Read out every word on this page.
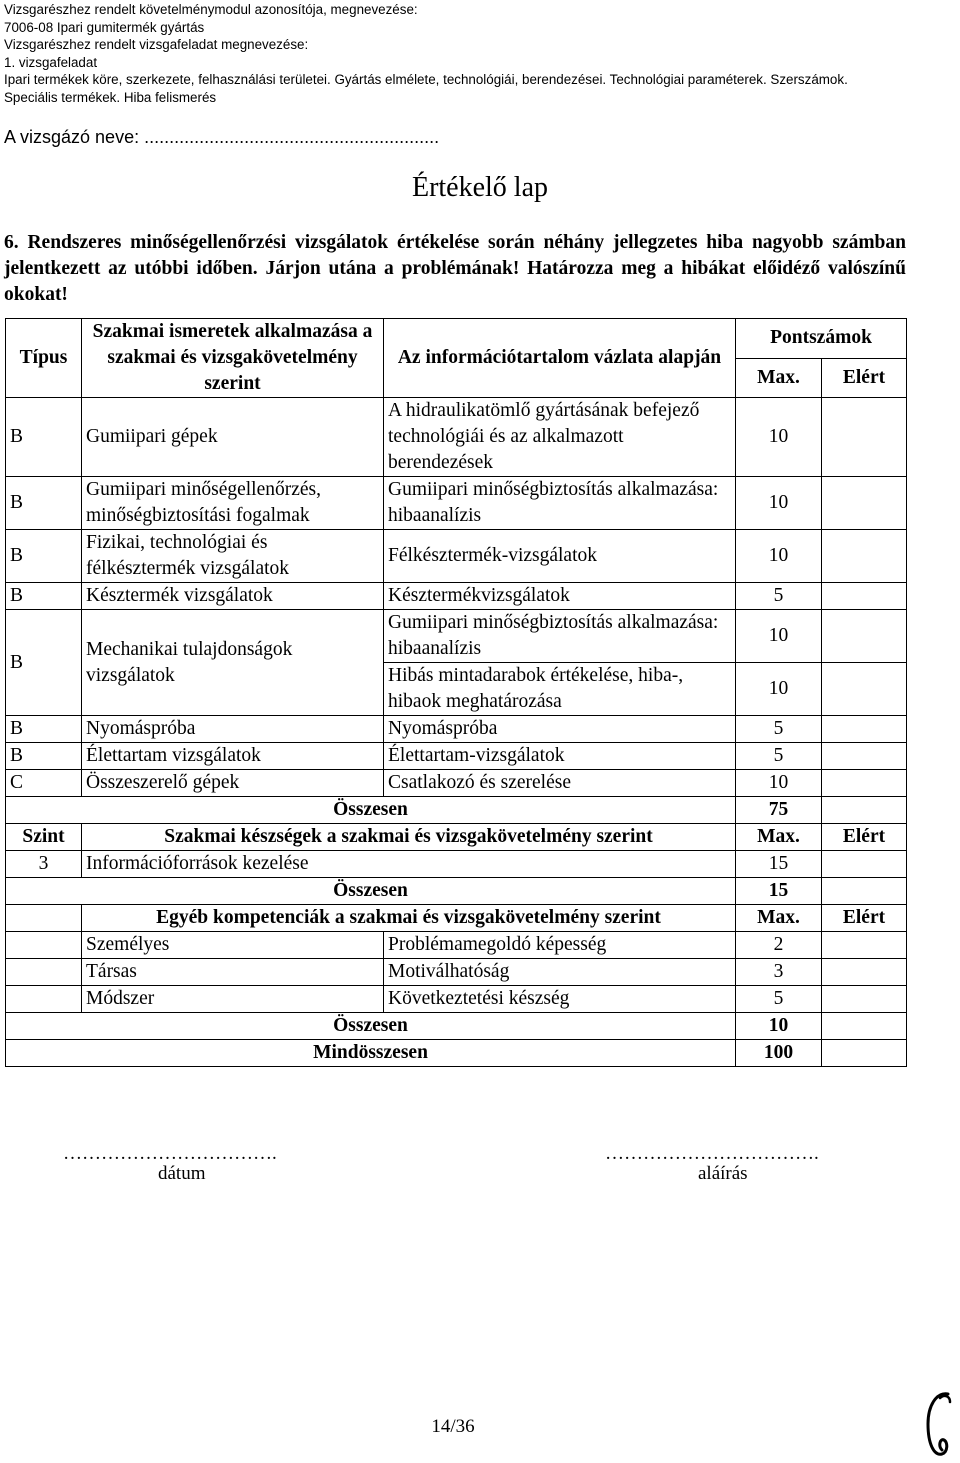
Vizsgarészhez rendelt követelménymodul azonosítója, megnevezése:
7006-08 Ipari gumitermék gyártás
Vizsgarészhez rendelt vizsgafeladat megnevezése:
1. vizsgafeladat
Ipari termékek köre, szerkezete, felhasználási területei. Gyártás elmélete, technológiái, berendezései. Technológiai paraméterek. Szerszámok.
Speciális termékek. Hiba felismerés
A vizsgázó neve: ...........................................................
Értékelő lap
6. Rendszeres minőségellenőrzési vizsgálatok értékelése során néhány jellegzetes hiba nagyobb számban jelentkezett az utóbbi időben. Járjon utána a problémának! Határozza meg a hibákat előidéző valószínű okokat!
Típus	Szakmai ismeretek alkalmazása a szakmai és vizsgakövetelmény szerint	Az információtartalom vázlata alapján	Pontszámok	
			Max.	Elért
B	Gumiipari gépek	A hidraulikatömlő gyártásának befejező technológiái és az alkalmazott berendezések	10	
B	Gumiipari minőségellenőrzés, minőségbiztosítási fogalmak	Gumiipari minőségbiztosítás alkalmazása: hibaanalízis	10	
B	Fizikai, technológiai és félkésztermék vizsgálatok	Félkésztermék-vizsgálatok	10	
B	Késztermék vizsgálatok	Késztermékvizsgálatok	5	
B	Mechanikai tulajdonságok vizsgálatok	Gumiipari minőségbiztosítás alkalmazása: hibaanalízis	10	
		Hibás mintadarabok értékelése, hiba-, hibaok meghatározása	10	
B	Nyomáspróba	Nyomáspróba	5	
B	Élettartam vizsgálatok	Élettartam-vizsgálatok	5	
C	Összeszerelő gépek	Csatlakozó és szerelése	10	
Összesen			75	
Szint	Szakmai készségek a szakmai és vizsgakövetelmény szerint		Max.	Elért
3	Információforrások kezelése		15	
Összesen			15	
	Egyéb kompetenciák a szakmai és vizsgakövetelmény szerint		Max.	Elért
	Személyes	Problémamegoldó képesség	2	
	Társas	Motiválhatóság	3	
	Módszer	Következtetési készség	5	
Összesen			10	
Mindösszesen			100	
…………………………….	…………………………….
dátum	aláírás
14/36
